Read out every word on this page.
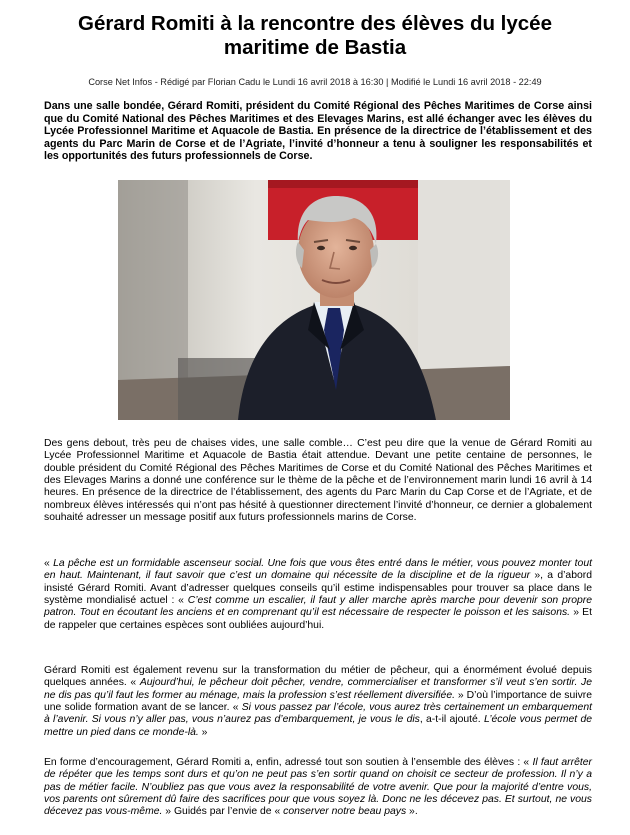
Gérard Romiti à la rencontre des élèves du lycée maritime de Bastia

Corse Net Infos - Rédigé par Florian Cadu le Lundi 16 avril 2018 à 16:30 | Modifié le Lundi 16 avril 2018 - 22:49

Dans une salle bondée, Gérard Romiti, président du Comité Régional des Pêches Maritimes de Corse ainsi que du Comité National des Pêches Maritimes et des Elevages Marins, est allé échanger avec les élèves du Lycée Professionnel Maritime et Aquacole de Bastia. En présence de la directrice de l’établissement et des agents du Parc Marin de Corse et de l’Agriate, l’invité d’honneur a tenu à souligner les responsabilités et les opportunités des futurs professionnels de Corse.

Des gens debout, très peu de chaises vides, une salle comble… C’est peu dire que la venue de Gérard Romiti au Lycée Professionnel Maritime et Aquacole de Bastia était attendue. Devant une petite centaine de personnes, le double président du Comité Régional des Pêches Maritimes de Corse et du Comité National des Pêches Maritimes et des Elevages Marins a donné une conférence sur le thème de la pêche et de l’environnement marin lundi 16 avril à 14 heures. En présence de la directrice de l’établissement, des agents du Parc Marin du Cap Corse et de l’Agriate, et de nombreux élèves intéressés qui n’ont pas hésité à questionner directement l’invité d’honneur, ce dernier a globalement souhaité adresser un message positif aux futurs professionnels marins de Corse.

« La pêche est un formidable ascenseur social. Une fois que vous êtes entré dans le métier, vous pouvez monter tout en haut. Maintenant, il faut savoir que c’est un domaine qui nécessite de la discipline et de la rigueur », a d’abord insisté Gérard Romiti. Avant d’adresser quelques conseils qu’il estime indispensables pour trouver sa place dans le système mondialisé actuel : « C’est comme un escalier, il faut y aller marche après marche pour devenir son propre patron. Tout en écoutant les anciens et en comprenant qu’il est nécessaire de respecter le poisson et les saisons. » Et de rappeler que certaines espèces sont oubliées aujourd’hui.

Gérard Romiti est également revenu sur la transformation du métier de pêcheur, qui a énormément évolué depuis quelques années. « Aujourd’hui, le pêcheur doit pêcher, vendre, commercialiser et transformer s’il veut s’en sortir. Je ne dis pas qu’il faut les former au ménage, mais la profession s’est réellement diversifiée. » D’où l’importance de suivre une solide formation avant de se lancer. « Si vous passez par l’école, vous aurez très certainement un embarquement à l’avenir. Si vous n’y aller pas, vous n’aurez pas d’embarquement, je vous le dis, a-t-il ajouté. L’école vous permet de mettre un pied dans ce monde-là. »

En forme d’encouragement, Gérard Romiti a, enfin, adressé tout son soutien à l’ensemble des élèves : « Il faut arrêter de répéter que les temps sont durs et qu’on ne peut pas s’en sortir quand on choisit ce secteur de profession. Il n’y a pas de métier facile. N’oubliez pas que vous avez la responsabilité de votre avenir. Que pour la majorité d’entre vous, vos parents ont sûrement dû faire des sacrifices pour que vous soyez là. Donc ne les décevez pas. Et surtout, ne vous décevez pas vous-même. » Guidés par l’envie de « conserver notre beau pays ».
